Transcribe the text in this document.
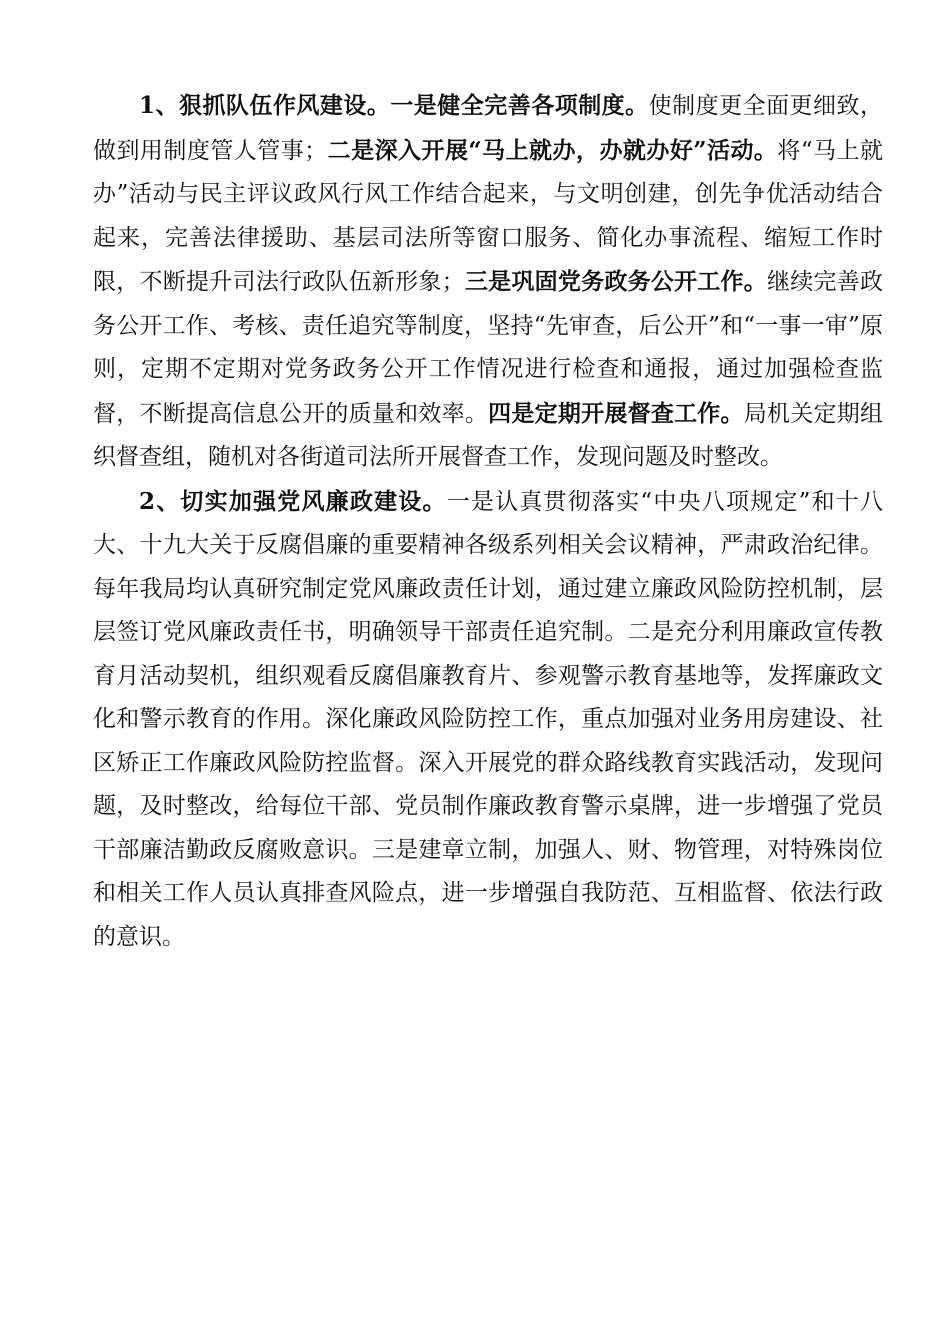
1、狠抓队伍作风建设。一是健全完善各项制度。使制度更全面更细致，做到用制度管人管事；二是深入开展“马上就办，办就办好”活动。将“马上就办”活动与民主评议政风行风工作结合起来，与文明创建，创先争优活动结合起来，完善法律援助、基层司法所等窗口服务、简化办事流程、缩短工作时限，不断提升司法行政队伍新形象；三是巩固党务政务公开工作。继续完善政务公开工作、考核、责任追究等制度，坚持“先审查，后公开”和“一事一审”原则，定期不定期对党务政务公开工作情况进行检查和通报，通过加强检查监督，不断提高信息公开的质量和效率。四是定期开展督查工作。局机关定期组织督查组，随机对各街道司法所开展督查工作，发现问题及时整改。

2、切实加强党风廉政建设。一是认真贯彻落实“中央八项规定”和十八大、十九大关于反腐倡廉的重要精神各级系列相关会议精神，严肃政治纪律。每年我局均认真研究制定党风廉政责任计划，通过建立廉政风险防控机制，层层签订党风廉政责任书，明确领导干部责任追究制。二是充分利用廉政宣传教育月活动契机，组织观看反腐倡廉教育片、参观警示教育基地等，发挥廉政文化和警示教育的作用。深化廉政风险防控工作，重点加强对业务用房建设、社区矫正工作廉政风险防控监督。深入开展党的群众路线教育实践活动，发现问题，及时整改，给每位干部、党员制作廉政教育警示桌牌，进一步增强了党员干部廉洁勤政反腐败意识。三是建章立制，加强人、财、物管理，对特殊岗位和相关工作人员认真排查风险点，进一步增强自我防范、互相监督、依法行政的意识。
